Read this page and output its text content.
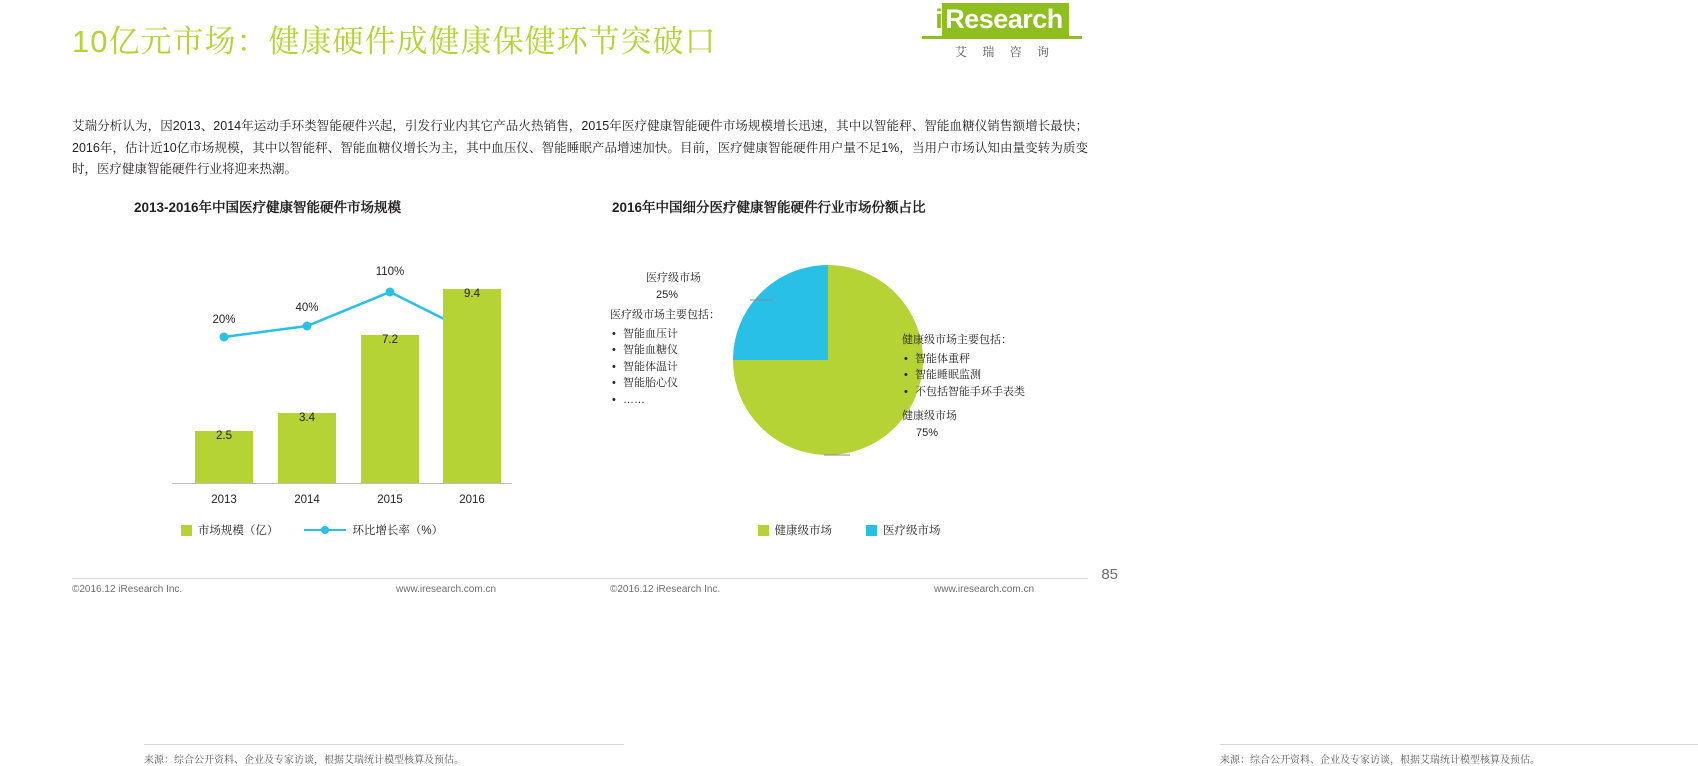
10亿元市场：健康硬件成健康保健环节突破口
i Research
艾 瑞 咨 询
艾瑞分析认为，因2013、2014年运动手环类智能硬件兴起，引发行业内其它产品火热销售，2015年医疗健康智能硬件市场规模增长迅速，其中以智能秤、智能血糖仪销售额增长最快；2016年，估计近10亿市场规模，其中以智能秤、智能血糖仪增长为主，其中血压仪、智能睡眠产品增速加快。目前，医疗健康智能硬件用户量不足1%，当用户市场认知由量变转为质变时，医疗健康智能硬件行业将迎来热潮。
2013-2016年中国医疗健康智能硬件市场规模
20%
40%
110%
2.5
3.4
7.2
9.4
2013	2014	2015	2016
市场规模（亿）	环比增长率（%）
来源：综合公开资料、企业及专家访谈，根据艾瑞统计模型核算及预估。
2016年中国细分医疗健康智能硬件行业市场份额占比
医疗级市场
25%
医疗级市场主要包括：
• 智能血压计
• 智能血糖仪
• 智能体温计
• 智能胎心仪
• ……
健康级市场主要包括：
• 智能体重秤
• 智能睡眠监测
• 不包括智能手环手表类
健康级市场
75%
健康级市场	医疗级市场
来源：综合公开资料、企业及专家访谈，根据艾瑞统计模型核算及预估。
©2016.12 iResearch Inc.	www.iresearch.com.cn	©2016.12 iResearch Inc.	www.iresearch.com.cn
85
